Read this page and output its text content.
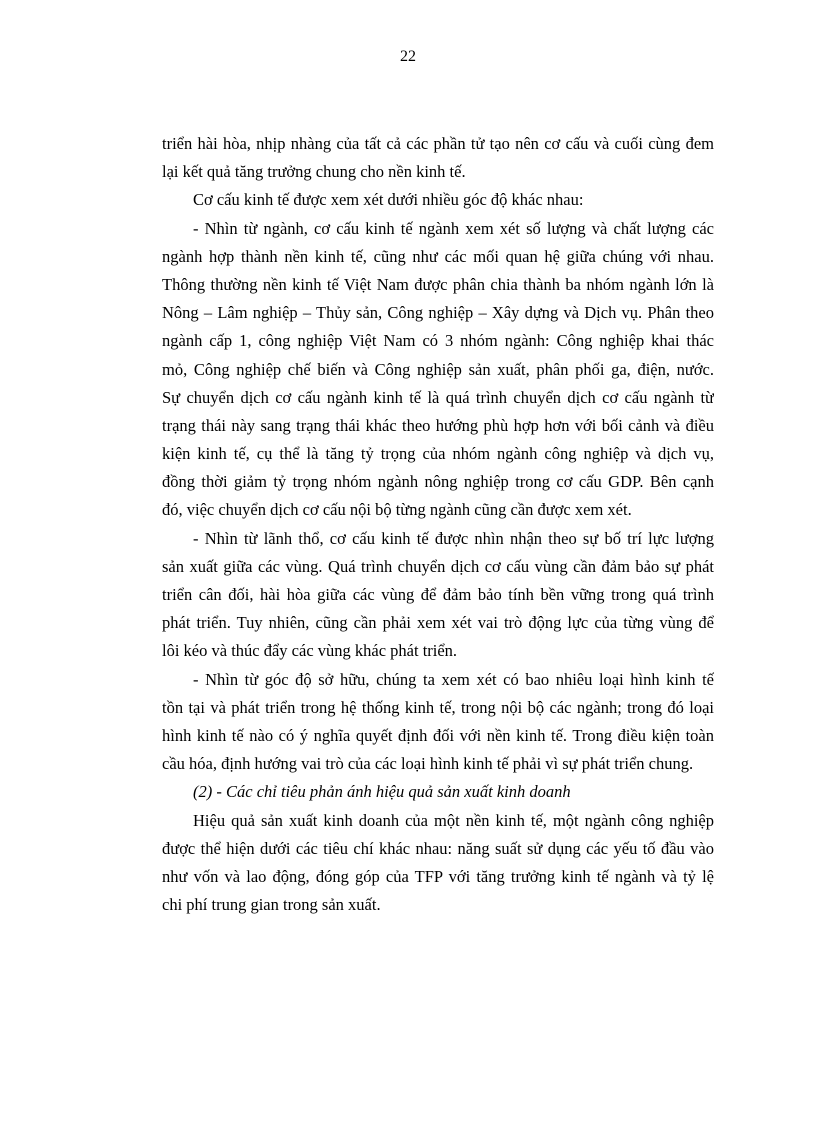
22
triển hài hòa, nhịp nhàng của tất cả các phần tử tạo nên cơ cấu và cuối cùng đem
lại kết quả tăng trưởng chung cho nền kinh tế.
Cơ cấu kinh tế được xem xét dưới nhiều góc độ khác nhau:
- Nhìn từ ngành, cơ cấu kinh tế ngành xem xét số lượng và chất lượng các
ngành hợp thành nền kinh tế, cũng như các mối quan hệ giữa chúng với nhau.
Thông thường nền kinh tế Việt Nam được phân chia thành ba nhóm ngành lớn là
Nông – Lâm nghiệp – Thủy sản, Công nghiệp – Xây dựng và Dịch vụ. Phân theo
ngành cấp 1, công nghiệp Việt Nam có 3 nhóm ngành: Công nghiệp khai thác
mỏ, Công nghiệp chế biến và Công nghiệp sản xuất, phân phối ga, điện, nước.
Sự chuyển dịch cơ cấu ngành kinh tế là quá trình chuyển dịch cơ cấu ngành từ
trạng thái này sang trạng thái khác theo hướng phù hợp hơn với bối cảnh và điều
kiện kinh tế, cụ thể là tăng tỷ trọng của nhóm ngành công nghiệp và dịch vụ,
đồng thời giảm tỷ trọng nhóm ngành nông nghiệp trong cơ cấu GDP. Bên cạnh
đó, việc chuyển dịch cơ cấu nội bộ từng ngành cũng cần được xem xét.
- Nhìn từ lãnh thổ, cơ cấu kinh tế được nhìn nhận theo sự bố trí lực lượng
sản xuất giữa các vùng. Quá trình chuyển dịch cơ cấu vùng cần đảm bảo sự phát
triển cân đối, hài hòa giữa các vùng để đảm bảo tính bền vững trong quá trình
phát triển. Tuy nhiên, cũng cần phải xem xét vai trò động lực của từng vùng để
lôi kéo và thúc đẩy các vùng khác phát triển.
- Nhìn từ góc độ sở hữu, chúng ta xem xét có bao nhiêu loại hình kinh tế
tồn tại và phát triển trong hệ thống kinh tế, trong nội bộ các ngành; trong đó loại
hình kinh tế nào có ý nghĩa quyết định đối với nền kinh tế. Trong điều kiện toàn
cầu hóa, định hướng vai trò của các loại hình kinh tế phải vì sự phát triển chung.
(2) - Các chỉ tiêu phản ánh hiệu quả sản xuất kinh doanh
Hiệu quả sản xuất kinh doanh của một nền kinh tế, một ngành công nghiệp
được thể hiện dưới các tiêu chí khác nhau: năng suất sử dụng các yếu tố đầu vào
như vốn và lao động, đóng góp của TFP với tăng trưởng kinh tế ngành và tỷ lệ
chi phí trung gian trong sản xuất.
